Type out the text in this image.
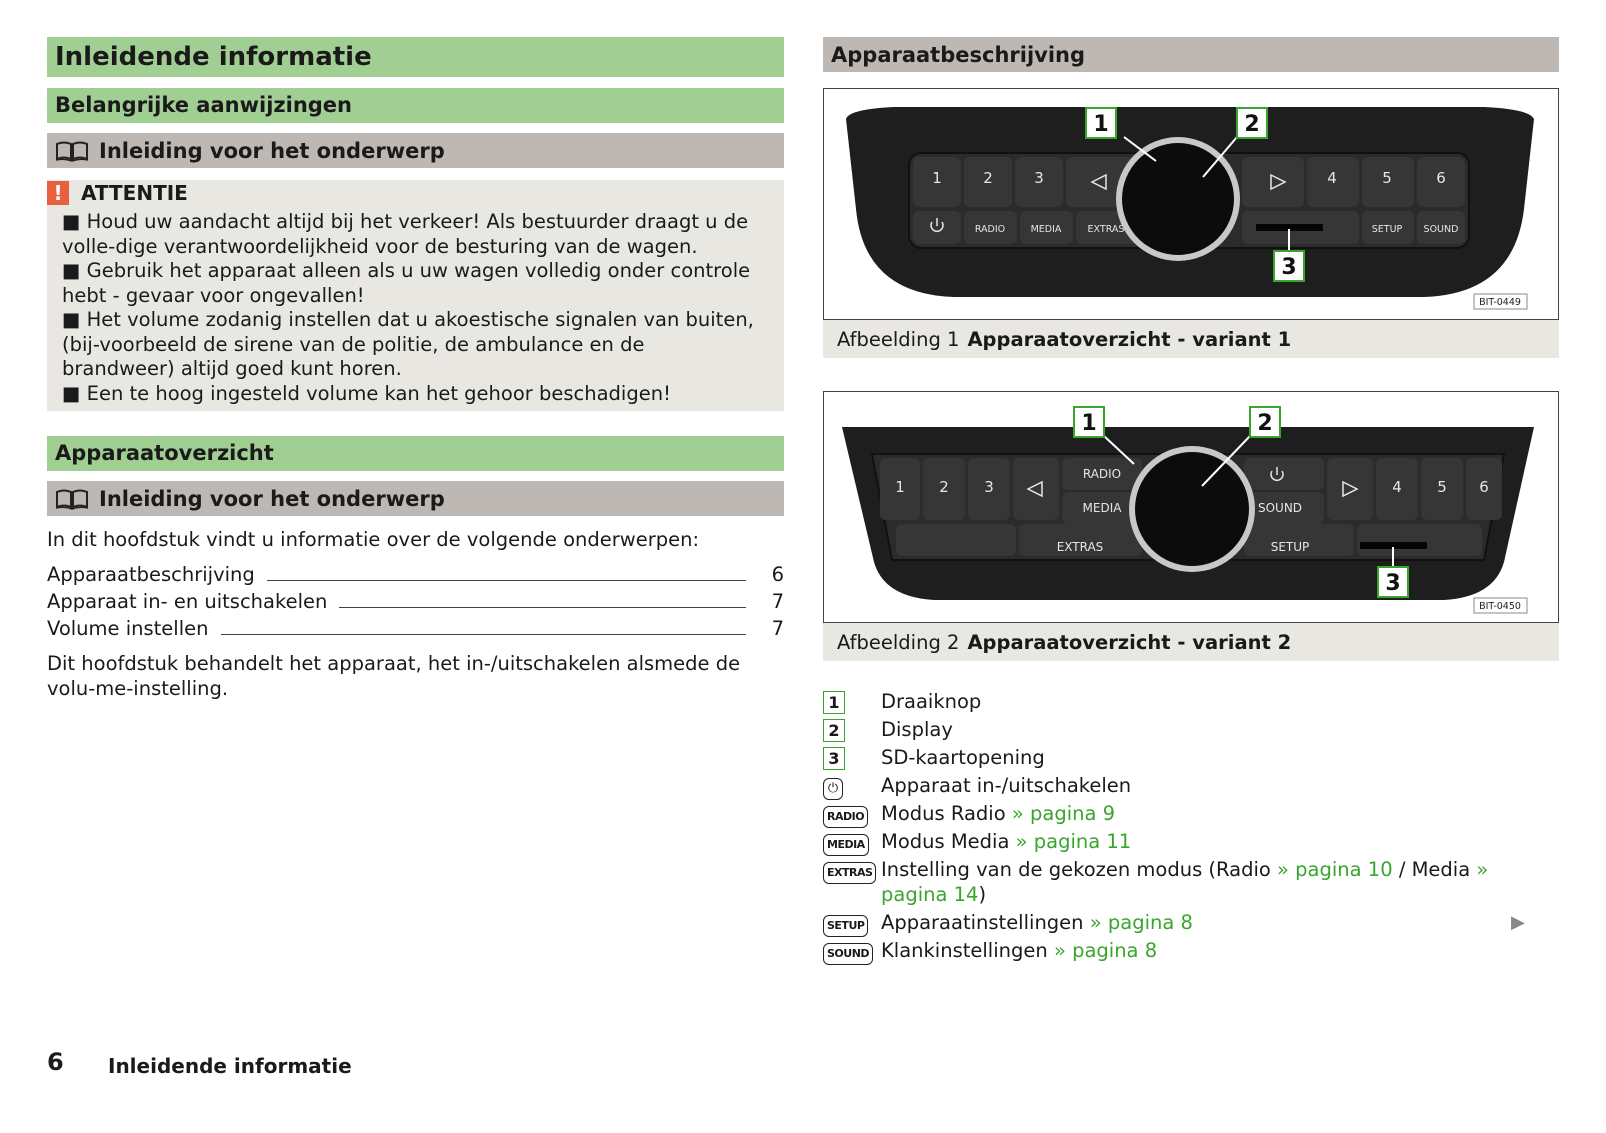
Inleidende informatie
Belangrijke aanwijzingen
Inleiding voor het onderwerp
! ATTENTIE

■ Houd uw aandacht altijd bij het verkeer! Als bestuurder draagt u de volle-dige verantwoordelijkheid voor de besturing van de wagen.

■ Gebruik het apparaat alleen als u uw wagen volledig onder controle hebt - gevaar voor ongevallen!

■ Het volume zodanig instellen dat u akoestische signalen van buiten, (bij-voorbeeld de sirene van de politie, de ambulance en de brandweer) altijd goed kunt horen.

■ Een te hoog ingesteld volume kan het gehoor beschadigen!

Apparaatoverzicht
Inleiding voor het onderwerp
In dit hoofdstuk vindt u informatie over de volgende onderwerpen:
Apparaatbeschrijving	6
Apparaat in- en uitschakelen	7
Volume instellen	7
Dit hoofdstuk behandelt het apparaat, het in-/uitschakelen alsmede de volu-me-instelling.
Apparaatbeschrijving
1	2	3	4	5	6
RADIO	MEDIA	EXTRAS	SETUP SOUND
1	2
3
BIT-0449
Afbeelding 1 Apparaatoverzicht - variant 1
1 2 3	4 5 6
RADIO
MEDIA
EXTRAS
SOUND
SETUP
1	2
3
BIT-0450
Afbeelding 2 Apparaatoverzicht - variant 2
1	Draaiknop
2	Display
3	SD-kaartopening
⏻	Apparaat in-/uitschakelen
RADIO Modus Radio » pagina 9
MEDIA Modus Media » pagina 11
EXTRAS Instelling van de gekozen modus (Radio » pagina 10 / Media » pagina 14)
SETUP Apparaatinstellingen » pagina 8
SOUND Klankinstellingen » pagina 8
▶
6 Inleidende informatie
